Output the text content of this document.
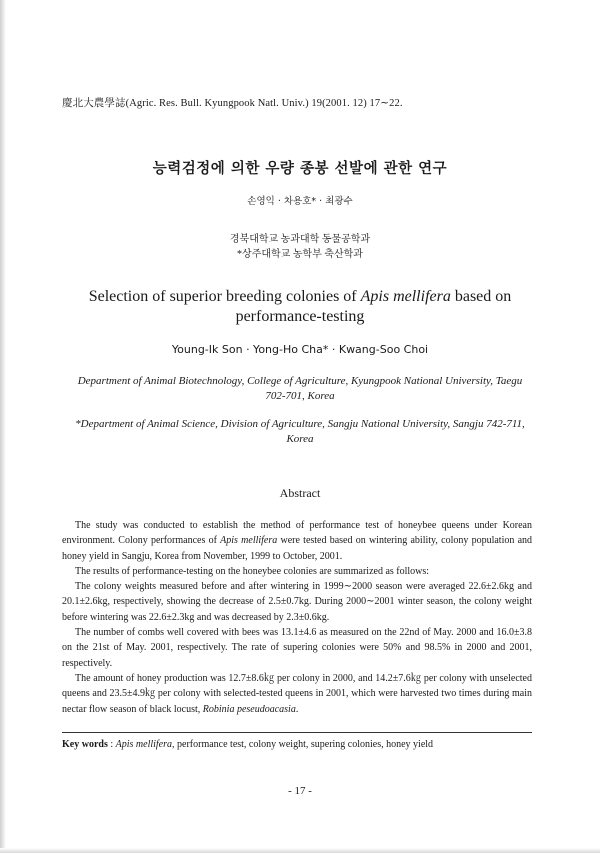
慶北大農學誌(Agric. Res. Bull. Kyungpook Natl. Univ.) 19(2001. 12) 17∼22.
능력검정에 의한 우량 종봉 선발에 관한 연구
손영익 · 차용호* · 최광수
경북대학교 농과대학 동물공학과
*상주대학교 농학부 축산학과
Selection of superior breeding colonies of Apis mellifera based on performance-testing
Young-Ik Son · Yong-Ho Cha* · Kwang-Soo Choi
Department of Animal Biotechnology, College of Agriculture, Kyungpook National University, Taegu 702-701, Korea
*Department of Animal Science, Division of Agriculture, Sangju National University, Sangju 742-711, Korea
Abstract

The study was conducted to establish the method of performance test of honeybee queens under Korean environment. Colony performances of Apis mellifera were tested based on wintering ability, colony population and honey yield in Sangju, Korea from November, 1999 to October, 2001.

The results of performance-testing on the honeybee colonies are summarized as follows:

The colony weights measured before and after wintering in 1999∼2000 season were averaged 22.6±2.6kg and 20.1±2.6kg, respectively, showing the decrease of 2.5±0.7kg. During 2000∼2001 winter season, the colony weight before wintering was 22.6±2.3kg and was decreased by 2.3±0.6kg.

The number of combs well covered with bees was 13.1±4.6 as measured on the 22nd of May. 2000 and 16.0±3.8 on the 21st of May. 2001, respectively. The rate of supering colonies were 50% and 98.5% in 2000 and 2001, respectively.

The amount of honey production was 12.7±8.6㎏ per colony in 2000, and 14.2±7.6㎏ per colony with unselected queens and 23.5±4.9㎏ per colony with selected-tested queens in 2001, which were harvested two times during main nectar flow season of black locust, Robinia peseudoacasia.

Key words : Apis mellifera, performance test, colony weight, supering colonies, honey yield
- 17 -
